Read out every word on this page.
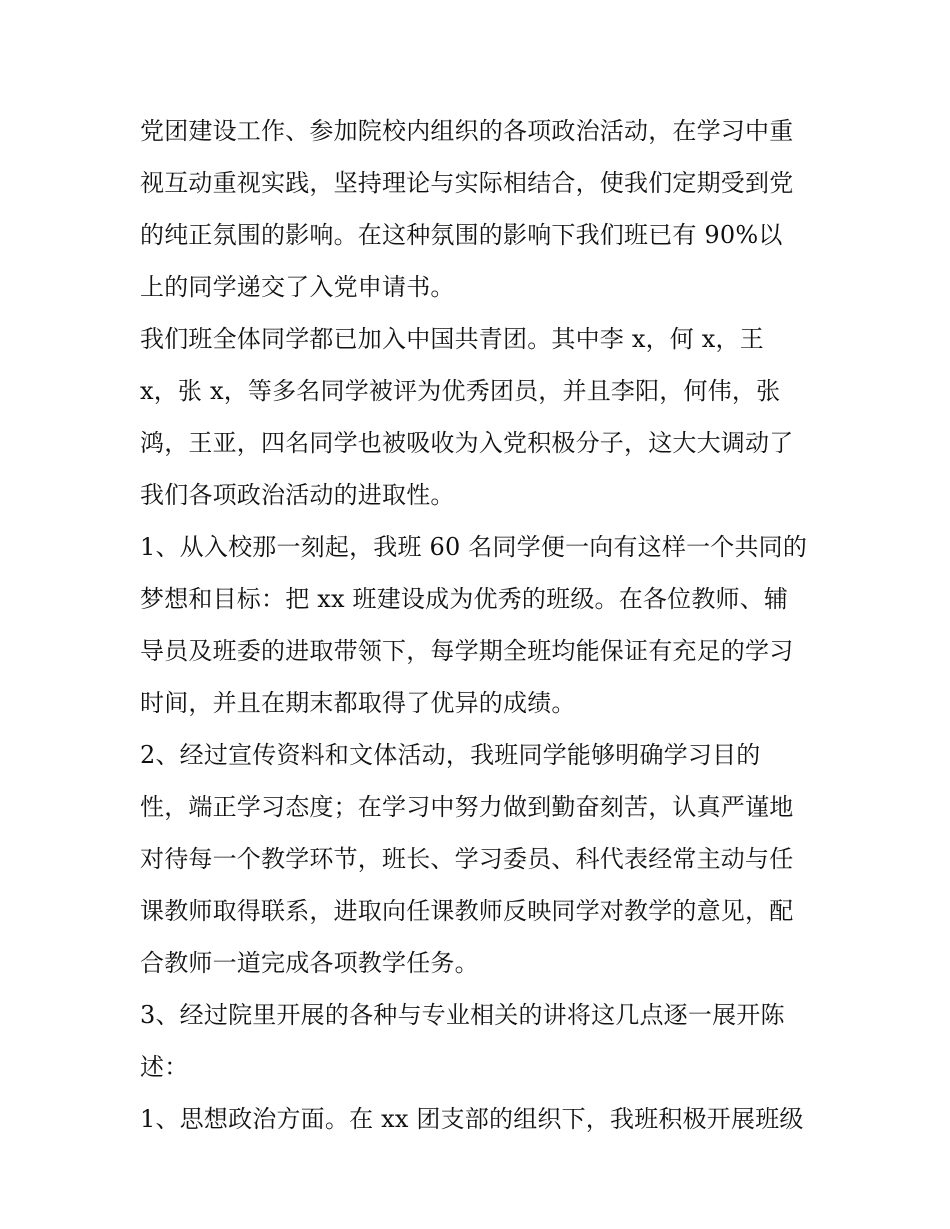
党团建设工作、参加院校内组织的各项政治活动，在学习中重
视互动重视实践，坚持理论与实际相结合，使我们定期受到党
的纯正氛围的影响。在这种氛围的影响下我们班已有 90%以
上的同学递交了入党申请书。
我们班全体同学都已加入中国共青团。其中李 x，何 x，王
x，张 x，等多名同学被评为优秀团员，并且李阳，何伟，张
鸿，王亚，四名同学也被吸收为入党积极分子，这大大调动了
我们各项政治活动的进取性。
1、从入校那一刻起，我班 60 名同学便一向有这样一个共同的
梦想和目标：把 xx 班建设成为优秀的班级。在各位教师、辅
导员及班委的进取带领下，每学期全班均能保证有充足的学习
时间，并且在期末都取得了优异的成绩。
2、经过宣传资料和文体活动，我班同学能够明确学习目的
性，端正学习态度；在学习中努力做到勤奋刻苦，认真严谨地
对待每一个教学环节，班长、学习委员、科代表经常主动与任
课教师取得联系，进取向任课教师反映同学对教学的意见，配
合教师一道完成各项教学任务。
3、经过院里开展的各种与专业相关的讲将这几点逐一展开陈
述：
1、思想政治方面。在 xx 团支部的组织下，我班积极开展班级
